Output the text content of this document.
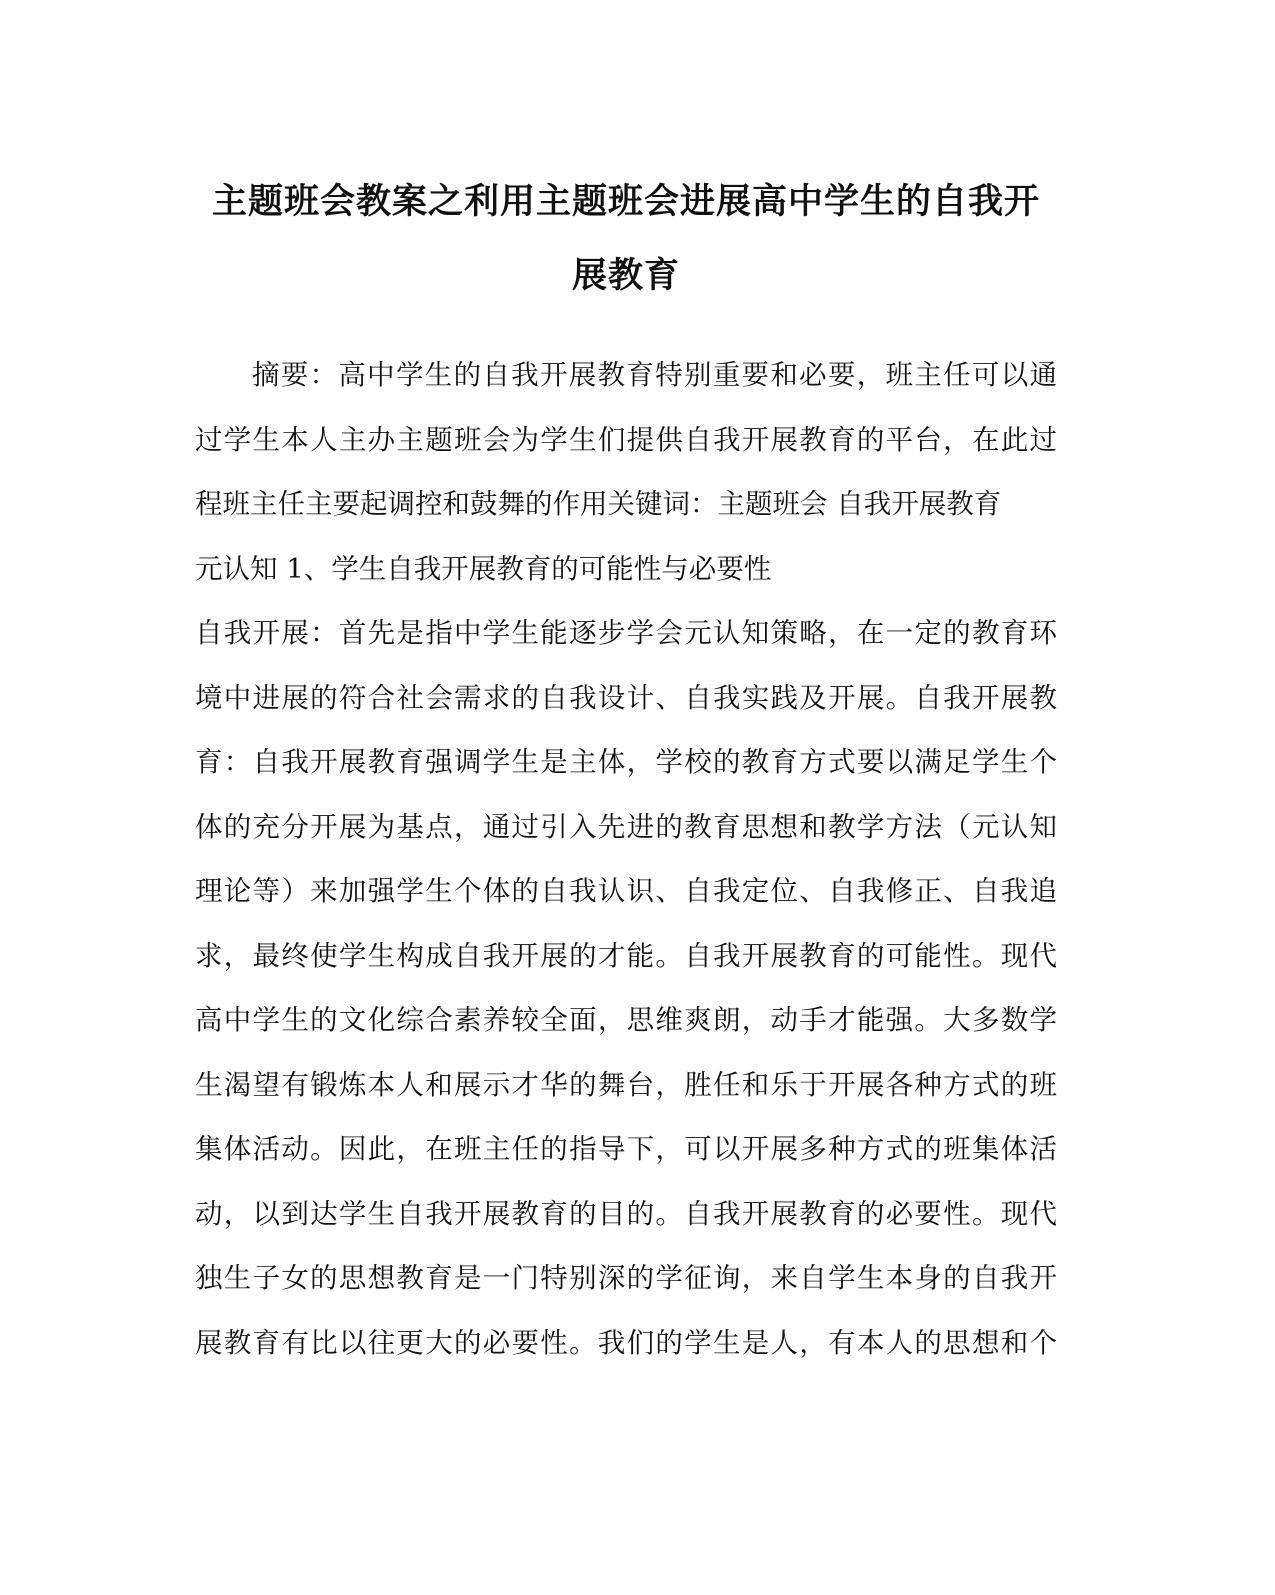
主题班会教案之利用主题班会进展高中学生的自我开
展教育
摘要：高中学生的自我开展教育特别重要和必要，班主任可以通
过学生本人主办主题班会为学生们提供自我开展教育的平台，在此过
程班主任主要起调控和鼓舞的作用关键词：主题班会 自我开展教育
元认知 1、学生自我开展教育的可能性与必要性
自我开展：首先是指中学生能逐步学会元认知策略，在一定的教育环
境中进展的符合社会需求的自我设计、自我实践及开展。自我开展教
育：自我开展教育强调学生是主体，学校的教育方式要以满足学生个
体的充分开展为基点，通过引入先进的教育思想和教学方法（元认知
理论等）来加强学生个体的自我认识、自我定位、自我修正、自我追
求，最终使学生构成自我开展的才能。自我开展教育的可能性。现代
高中学生的文化综合素养较全面，思维爽朗，动手才能强。大多数学
生渴望有锻炼本人和展示才华的舞台，胜任和乐于开展各种方式的班
集体活动。因此，在班主任的指导下，可以开展多种方式的班集体活
动，以到达学生自我开展教育的目的。自我开展教育的必要性。现代
独生子女的思想教育是一门特别深的学征询，来自学生本身的自我开
展教育有比以往更大的必要性。我们的学生是人，有本人的思想和个
